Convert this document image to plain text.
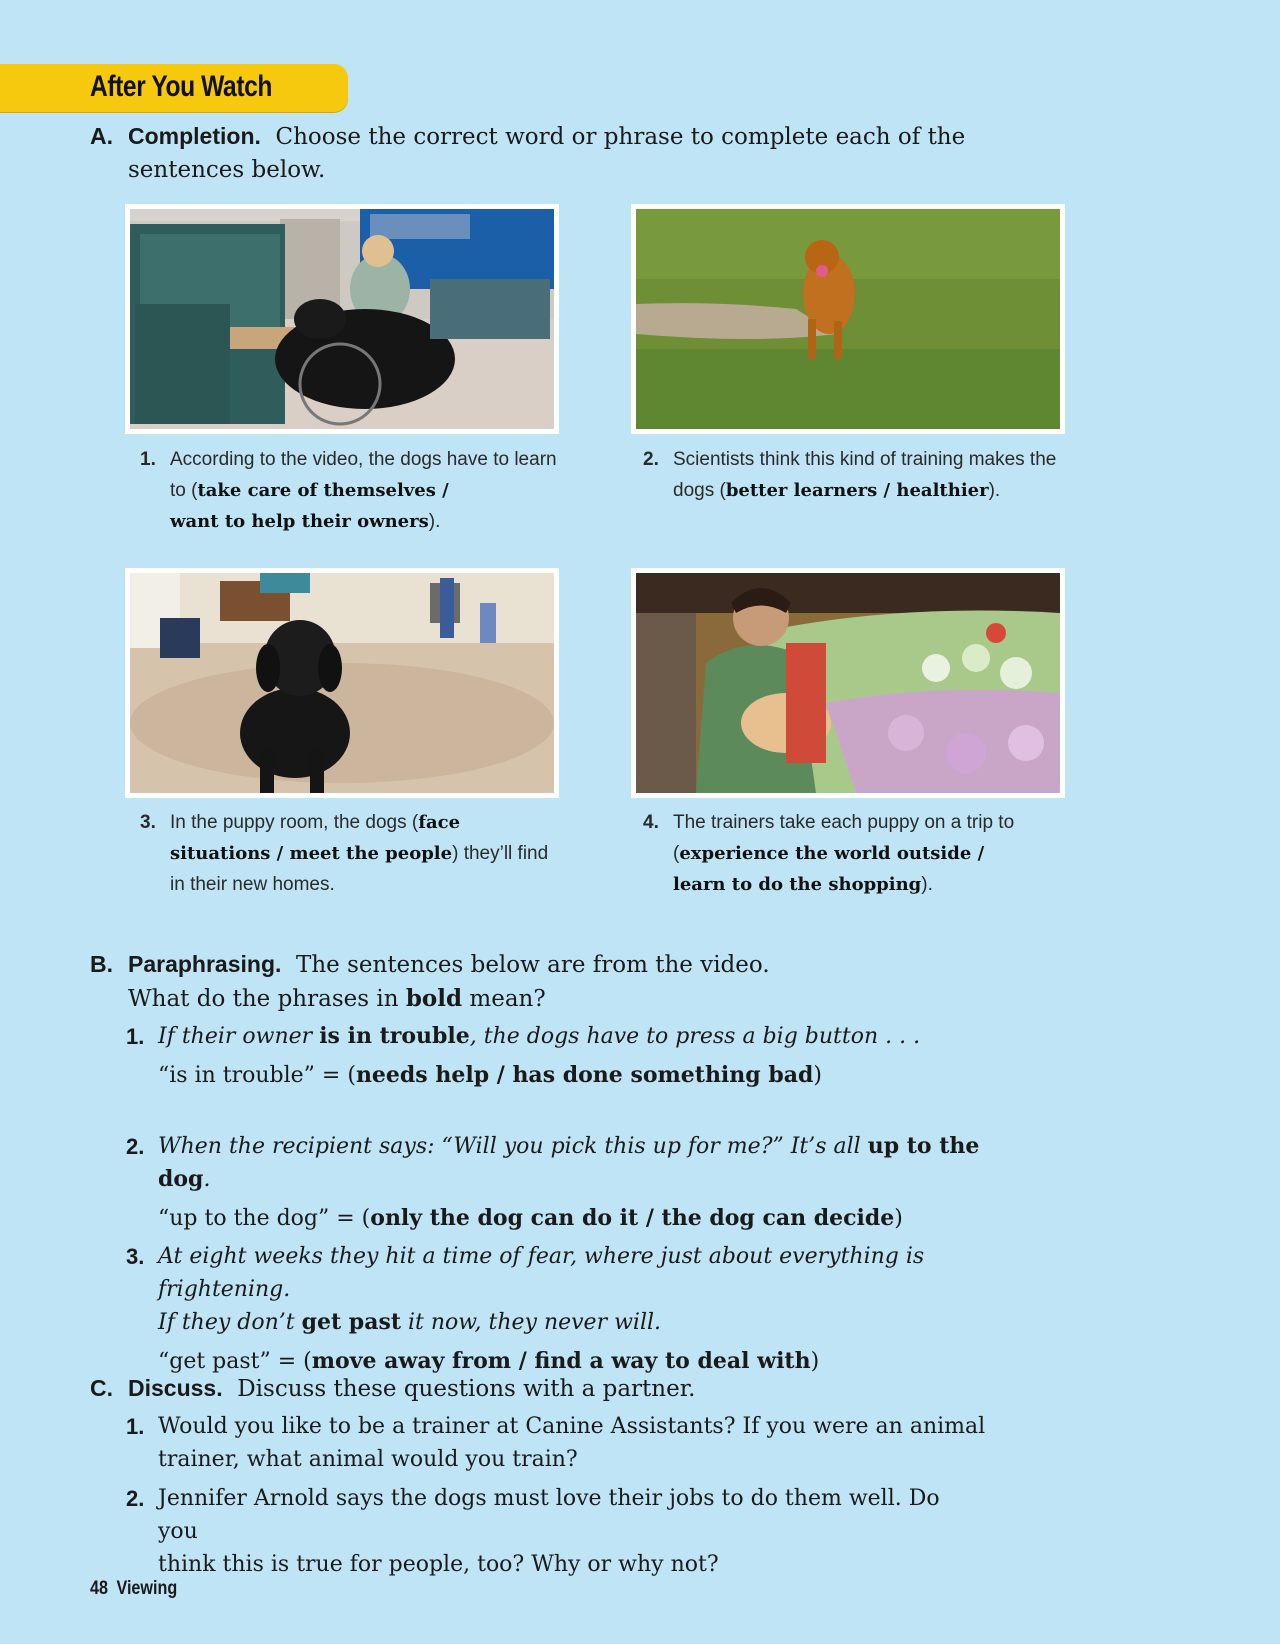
After You Watch
A. Completion. Choose the correct word or phrase to complete each of the
sentences below.
1. According to the video, the dogs have to learn to (take care of themselves /
want to help their owners).
2. Scientists think this kind of training makes the dogs (better learners / healthier).
3. In the puppy room, the dogs (face situations / meet the people) they’ll find in their new homes.
4. The trainers take each puppy on a trip to (experience the world outside /
learn to do the shopping).
B. Paraphrasing. The sentences below are from the video.
What do the phrases in bold mean?
1. If their owner is in trouble, the dogs have to press a big button . . .
“is in trouble” = (needs help / has done something bad)
2. When the recipient says: “Will you pick this up for me?” It’s all up to the dog.
“up to the dog” = (only the dog can do it / the dog can decide)
3. At eight weeks they hit a time of fear, where just about everything is frightening.
If they don’t get past it now, they never will.
“get past” = (move away from / find a way to deal with)
C. Discuss. Discuss these questions with a partner.
1. Would you like to be a trainer at Canine Assistants? If you were an animal
trainer, what animal would you train?
2. Jennifer Arnold says the dogs must love their jobs to do them well. Do you
think this is true for people, too? Why or why not?
48 Viewing
